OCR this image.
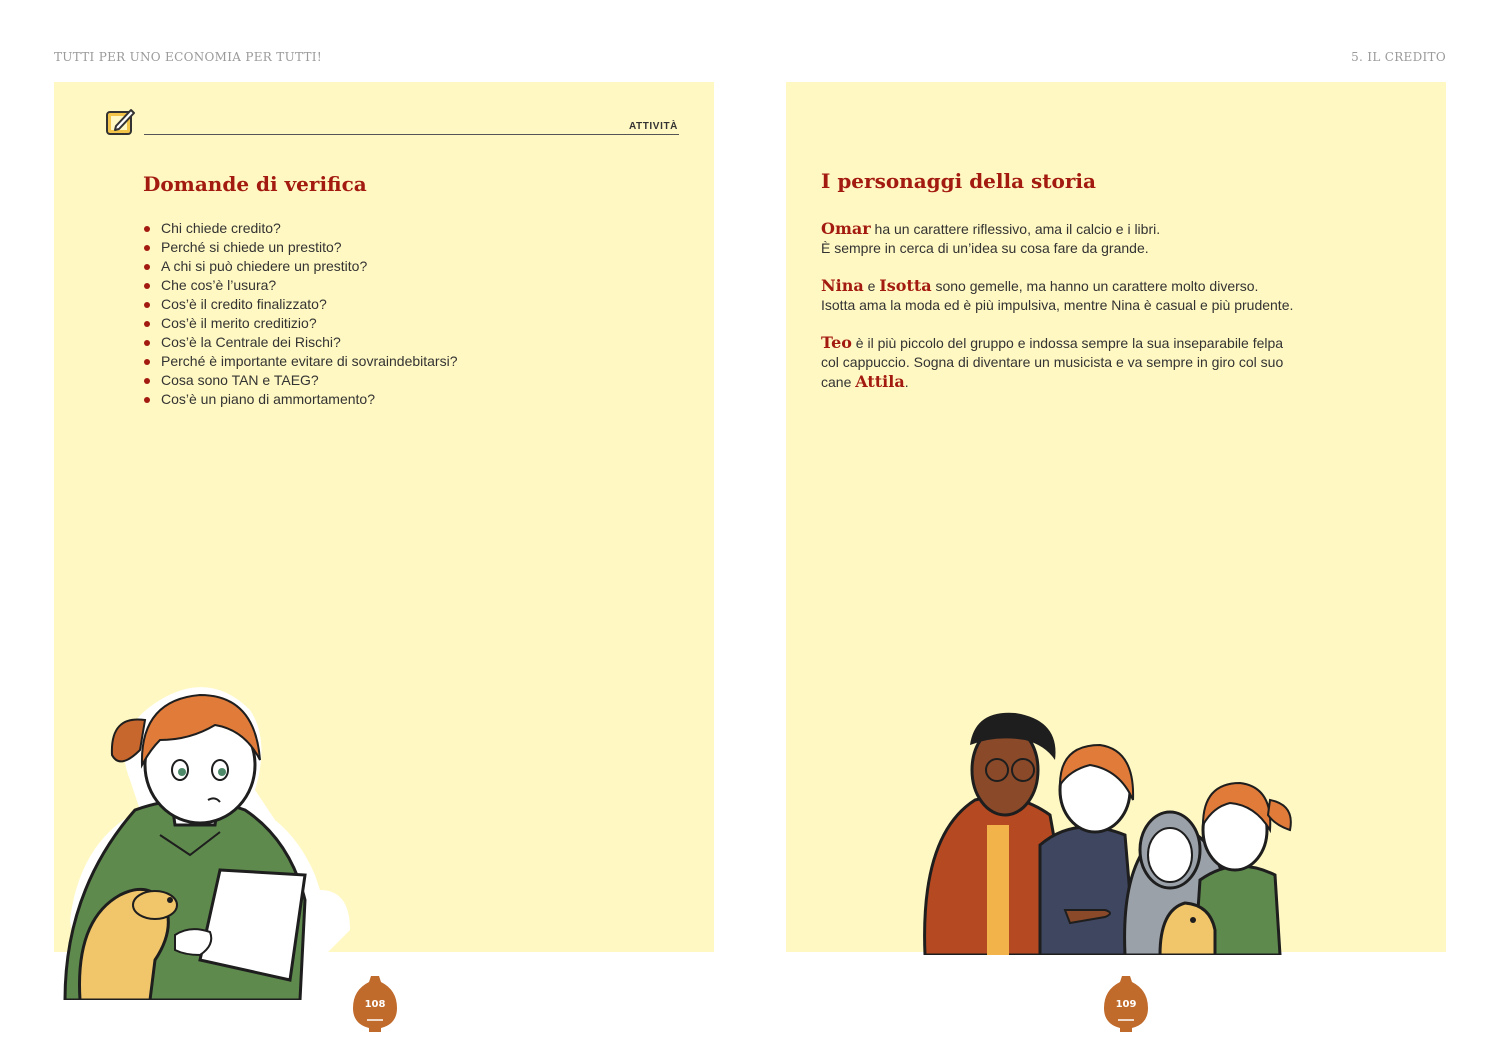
TUTTI PER UNO ECONOMIA PER TUTTI!	5. IL CREDITO
ATTIVITÀ
Domande di verifica
Chi chiede credito?
Perché si chiede un prestito?
A chi si può chiedere un prestito?
Che cos’è l’usura?
Cos’è il credito finalizzato?
Cos’è il merito creditizio?
Cos’è la Centrale dei Rischi?
Perché è importante evitare di sovraindebitarsi?
Cosa sono TAN e TAEG?
Cos’è un piano di ammortamento?
I personaggi della storia
Omar ha un carattere riflessivo, ama il calcio e i libri.
È sempre in cerca di un’idea su cosa fare da grande.
Nina e Isotta sono gemelle, ma hanno un carattere molto diverso.
Isotta ama la moda ed è più impulsiva, mentre Nina è casual e più prudente.
Teo è il più piccolo del gruppo e indossa sempre la sua inseparabile felpa
col cappuccio. Sogna di diventare un musicista e va sempre in giro col suo
cane Attila.
108	109
